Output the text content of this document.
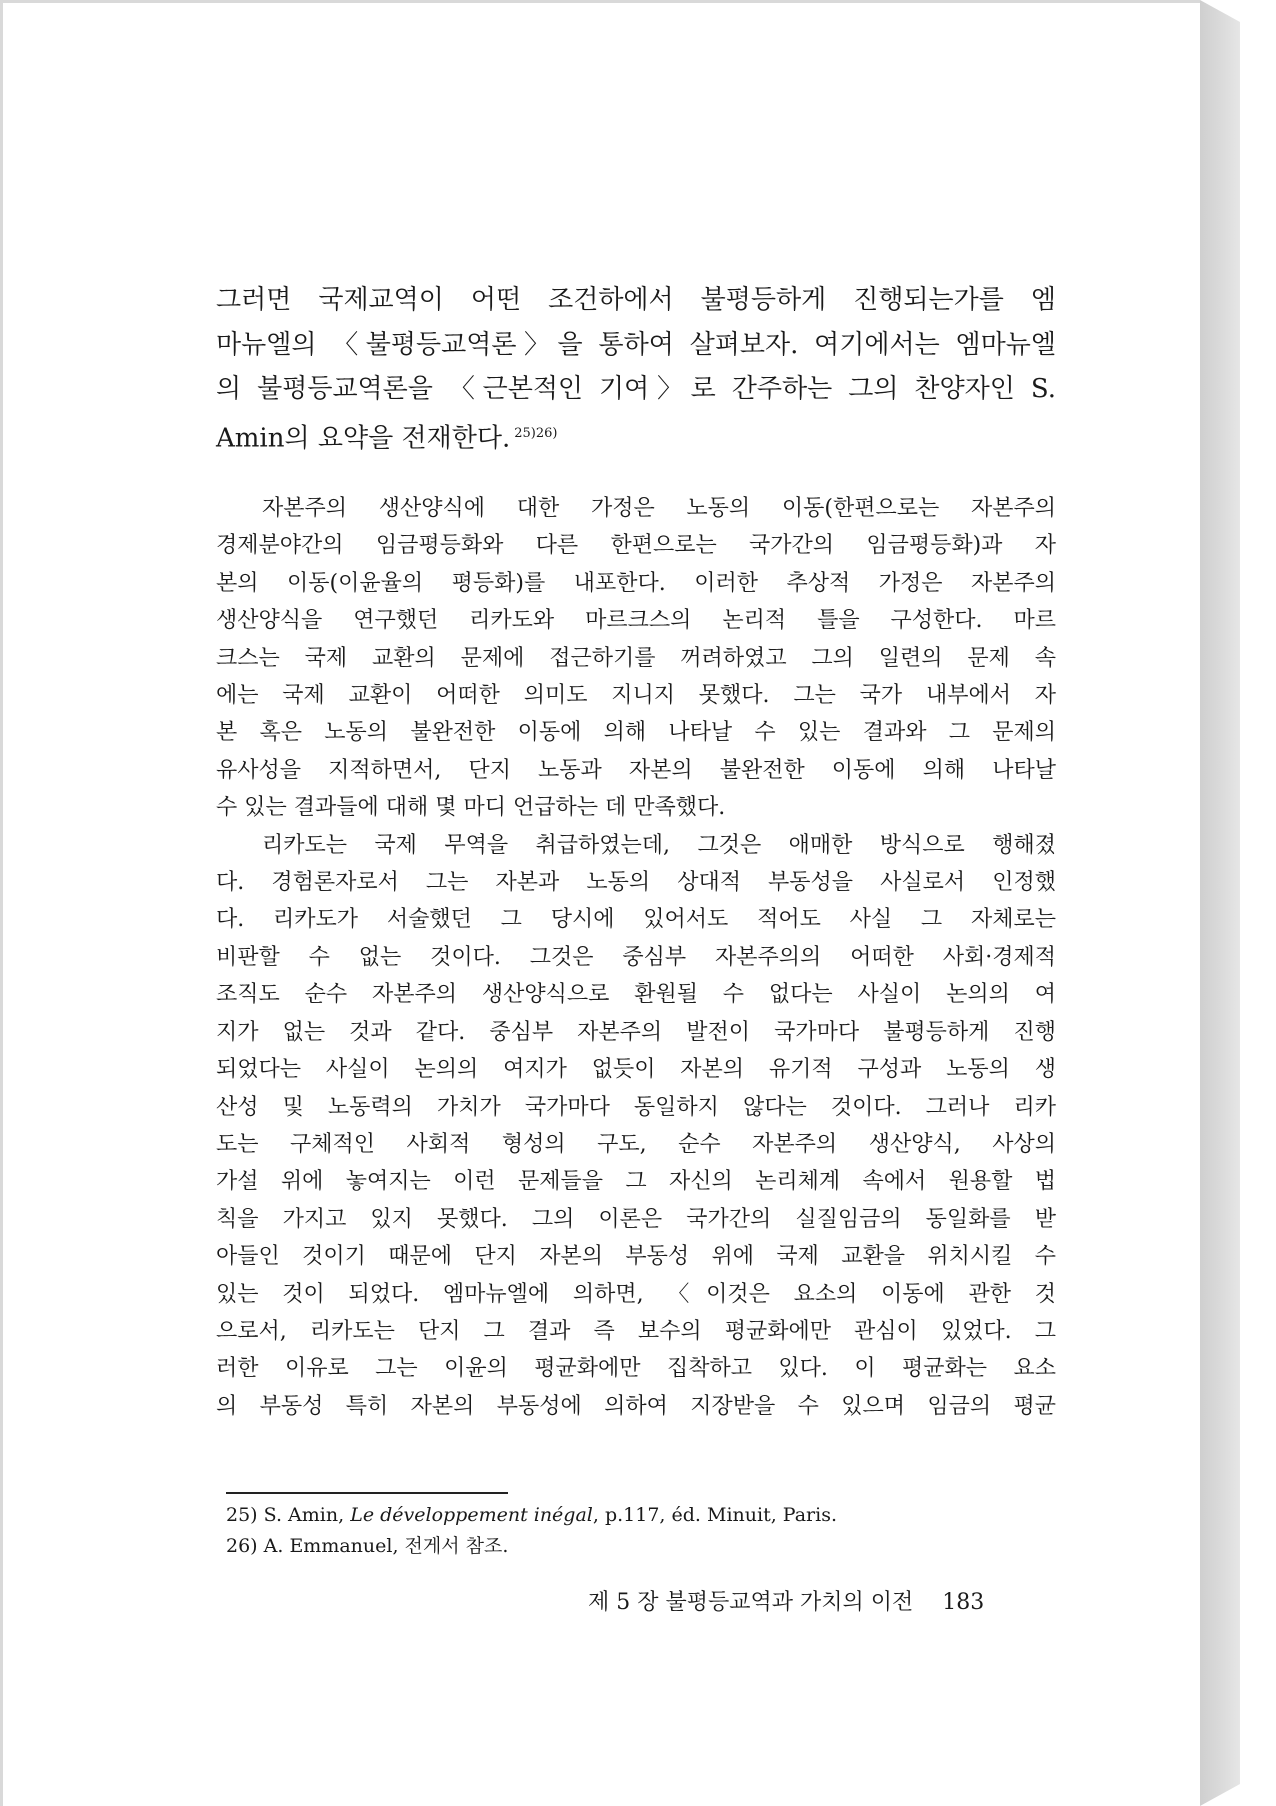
그러면 국제교역이 어떤 조건하에서 불평등하게 진행되는가를 엠
마뉴엘의 〈불평등교역론〉을 통하여 살펴보자. 여기에서는 엠마뉴엘
의 불평등교역론을 〈근본적인 기여〉로 간주하는 그의 찬양자인 S.
Amin의 요약을 전재한다. $^{25)26)}$
자본주의 생산양식에 대한 가정은 노동의 이동(한편으로는 자본주의
경제분야간의 임금평등화와 다른 한편으로는 국가간의 임금평등화)과 자
본의 이동(이윤율의 평등화)를 내포한다. 이러한 추상적 가정은 자본주의
생산양식을 연구했던 리카도와 마르크스의 논리적 틀을 구성한다. 마르
크스는 국제 교환의 문제에 접근하기를 꺼려하였고 그의 일련의 문제 속
에는 국제 교환이 어떠한 의미도 지니지 못했다. 그는 국가 내부에서 자
본 혹은 노동의 불완전한 이동에 의해 나타날 수 있는 결과와 그 문제의
유사성을 지적하면서, 단지 노동과 자본의 불완전한 이동에 의해 나타날
수 있는 결과들에 대해 몇 마디 언급하는 데 만족했다.
리카도는 국제 무역을 취급하였는데, 그것은 애매한 방식으로 행해졌
다. 경험론자로서 그는 자본과 노동의 상대적 부동성을 사실로서 인정했
다. 리카도가 서술했던 그 당시에 있어서도 적어도 사실 그 자체로는
비판할 수 없는 것이다. 그것은 중심부 자본주의의 어떠한 사회·경제적
조직도 순수 자본주의 생산양식으로 환원될 수 없다는 사실이 논의의 여
지가 없는 것과 같다. 중심부 자본주의 발전이 국가마다 불평등하게 진행
되었다는 사실이 논의의 여지가 없듯이 자본의 유기적 구성과 노동의 생
산성 및 노동력의 가치가 국가마다 동일하지 않다는 것이다. 그러나 리카
도는 구체적인 사회적 형성의 구도, 순수 자본주의 생산양식, 사상의
가설 위에 놓여지는 이런 문제들을 그 자신의 논리체계 속에서 원용할 법
칙을 가지고 있지 못했다. 그의 이론은 국가간의 실질임금의 동일화를 받
아들인 것이기 때문에 단지 자본의 부동성 위에 국제 교환을 위치시킬 수
있는 것이 되었다. 엠마뉴엘에 의하면, 〈이것은 요소의 이동에 관한 것
으로서, 리카도는 단지 그 결과 즉 보수의 평균화에만 관심이 있었다. 그
러한 이유로 그는 이윤의 평균화에만 집착하고 있다. 이 평균화는 요소
의 부동성 특히 자본의 부동성에 의하여 지장받을 수 있으며 임금의 평균
25) S. Amin, Le développement inégal, p.117, éd. Minuit, Paris.
26) A. Emmanuel, 전게서 참조.
제 5 장 불평등교역과 가치의 이전 183
